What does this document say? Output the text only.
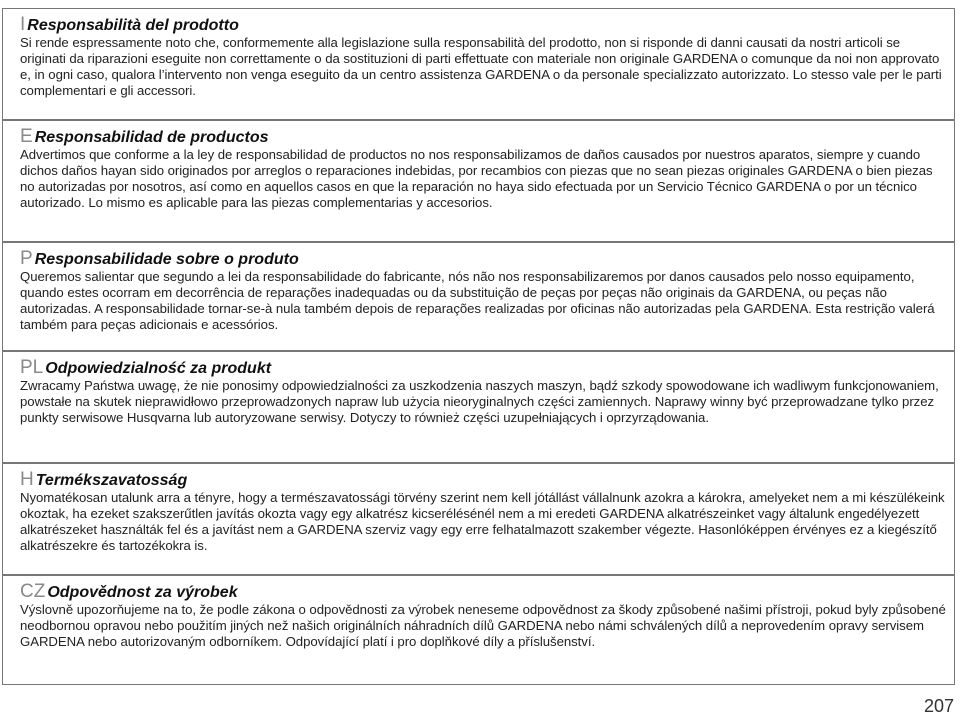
I Responsabilità del prodotto

Si rende espressamente noto che, conformemente alla legislazione sulla responsabilità del prodotto, non si risponde di danni causati da nostri articoli se originati da riparazioni eseguite non correttamente o da sostituzioni di parti effettuate con materiale non originale GARDENA o comunque da noi non approvato e, in ogni caso, qualora l’intervento non venga eseguito da un centro assistenza GARDENA o da personale specializzato autorizzato. Lo stesso vale per le parti complementari e gli accessori.

E Responsabilidad de productos

Advertimos que conforme a la ley de responsabilidad de productos no nos responsabilizamos de daños causados por nuestros aparatos, siempre y cuando dichos daños hayan sido originados por arreglos o reparaciones indebidas, por recambios con piezas que no sean piezas originales GARDENA o bien piezas no autorizadas por nosotros, así como en aquellos casos en que la reparación no haya sido efectuada por un Servicio Técnico GARDENA o por un técnico autorizado. Lo mismo es aplicable para las piezas complementarias y accesorios.

P Responsabilidade sobre o produto

Queremos salientar que segundo a lei da responsabilidade do fabricante, nós não nos responsabilizaremos por danos causados pelo nosso equipamento, quando estes ocorram em decorrência de reparações inadequadas ou da substituição de peças por peças não originais da GARDENA, ou peças não autorizadas. A responsabilidade tornar-se-à nula também depois de reparações realizadas por oficinas não autorizadas pela GARDENA. Esta restrição valerá também para peças adicionais e acessórios.

PL Odpowiedzialność za produkt

Zwracamy Państwa uwagę, że nie ponosimy odpowiedzialności za uszkodzenia naszych maszyn, bądź szkody spowodowane ich wadliwym funkcjonowaniem, powstałe na skutek nieprawidłowo przeprowadzonych napraw lub użycia nieoryginalnych części zamiennych. Naprawy winny być przeprowadzane tylko przez punkty serwisowe Husqvarna lub autoryzowane serwisy. Dotyczy to również części uzupełniających i oprzyrządowania.

H Termékszavatosság

Nyomatékosan utalunk arra a tényre, hogy a természavatossági törvény szerint nem kell jótállást vállalnunk azokra a károkra, amelyeket nem a mi készülékeink okoztak, ha ezeket szakszerűtlen javítás okozta vagy egy alkatrész kicserélésénél nem a mi eredeti GARDENA alkatrészeinket vagy általunk engedélyezett alkatrészeket használták fel és a javítást nem a GARDENA szerviz vagy egy erre felhatalmazott szakember végezte. Hasonlóképpen érvényes ez a kiegészítő alkatrészekre és tartozékokra is.

CZ Odpovědnost za výrobek

Výslovně upozorňujeme na to, že podle zákona o odpovědnosti za výrobek neneseme odpovědnost za škody způsobené našimi přístroji, pokud byly způsobené neodbornou opravou nebo použitím jiných než našich originálních náhradních dílů GARDENA nebo námi schválených dílů a neprovedením opravy servisem GARDENA nebo autorizovaným odborníkem. Odpovídající platí i pro doplňkové díly a příslušenství.

207
